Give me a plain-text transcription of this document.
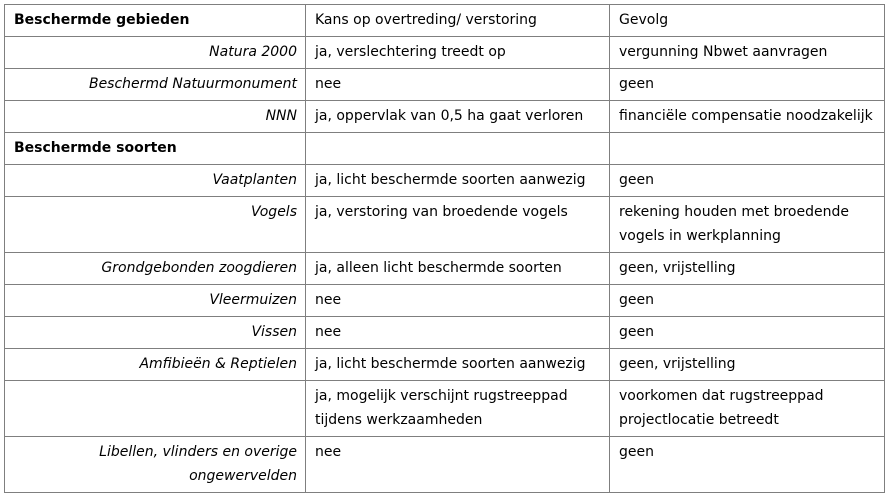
Beschermde gebieden	Kans op overtreding/ verstoring	Gevolg
Natura 2000	ja, verslechtering treedt op	vergunning Nbwet aanvragen
Beschermd Natuurmonument	nee	geen
NNN	ja, oppervlak van 0,5 ha gaat verloren	financiële compensatie noodzakelijk
Beschermde soorten		
Vaatplanten	ja, licht beschermde soorten aanwezig	geen
Vogels	ja, verstoring van broedende vogels	rekening houden met broedende vogels in werkplanning
Grondgebonden zoogdieren	ja, alleen licht beschermde soorten	geen, vrijstelling
Vleermuizen	nee	geen
Vissen	nee	geen
Amfibieën & Reptielen	ja, licht beschermde soorten aanwezig	geen, vrijstelling
	ja, mogelijk verschijnt rugstreeppad tijdens werkzaamheden	voorkomen dat rugstreeppad projectlocatie betreedt
Libellen, vlinders en overige ongewervelden	nee	geen
